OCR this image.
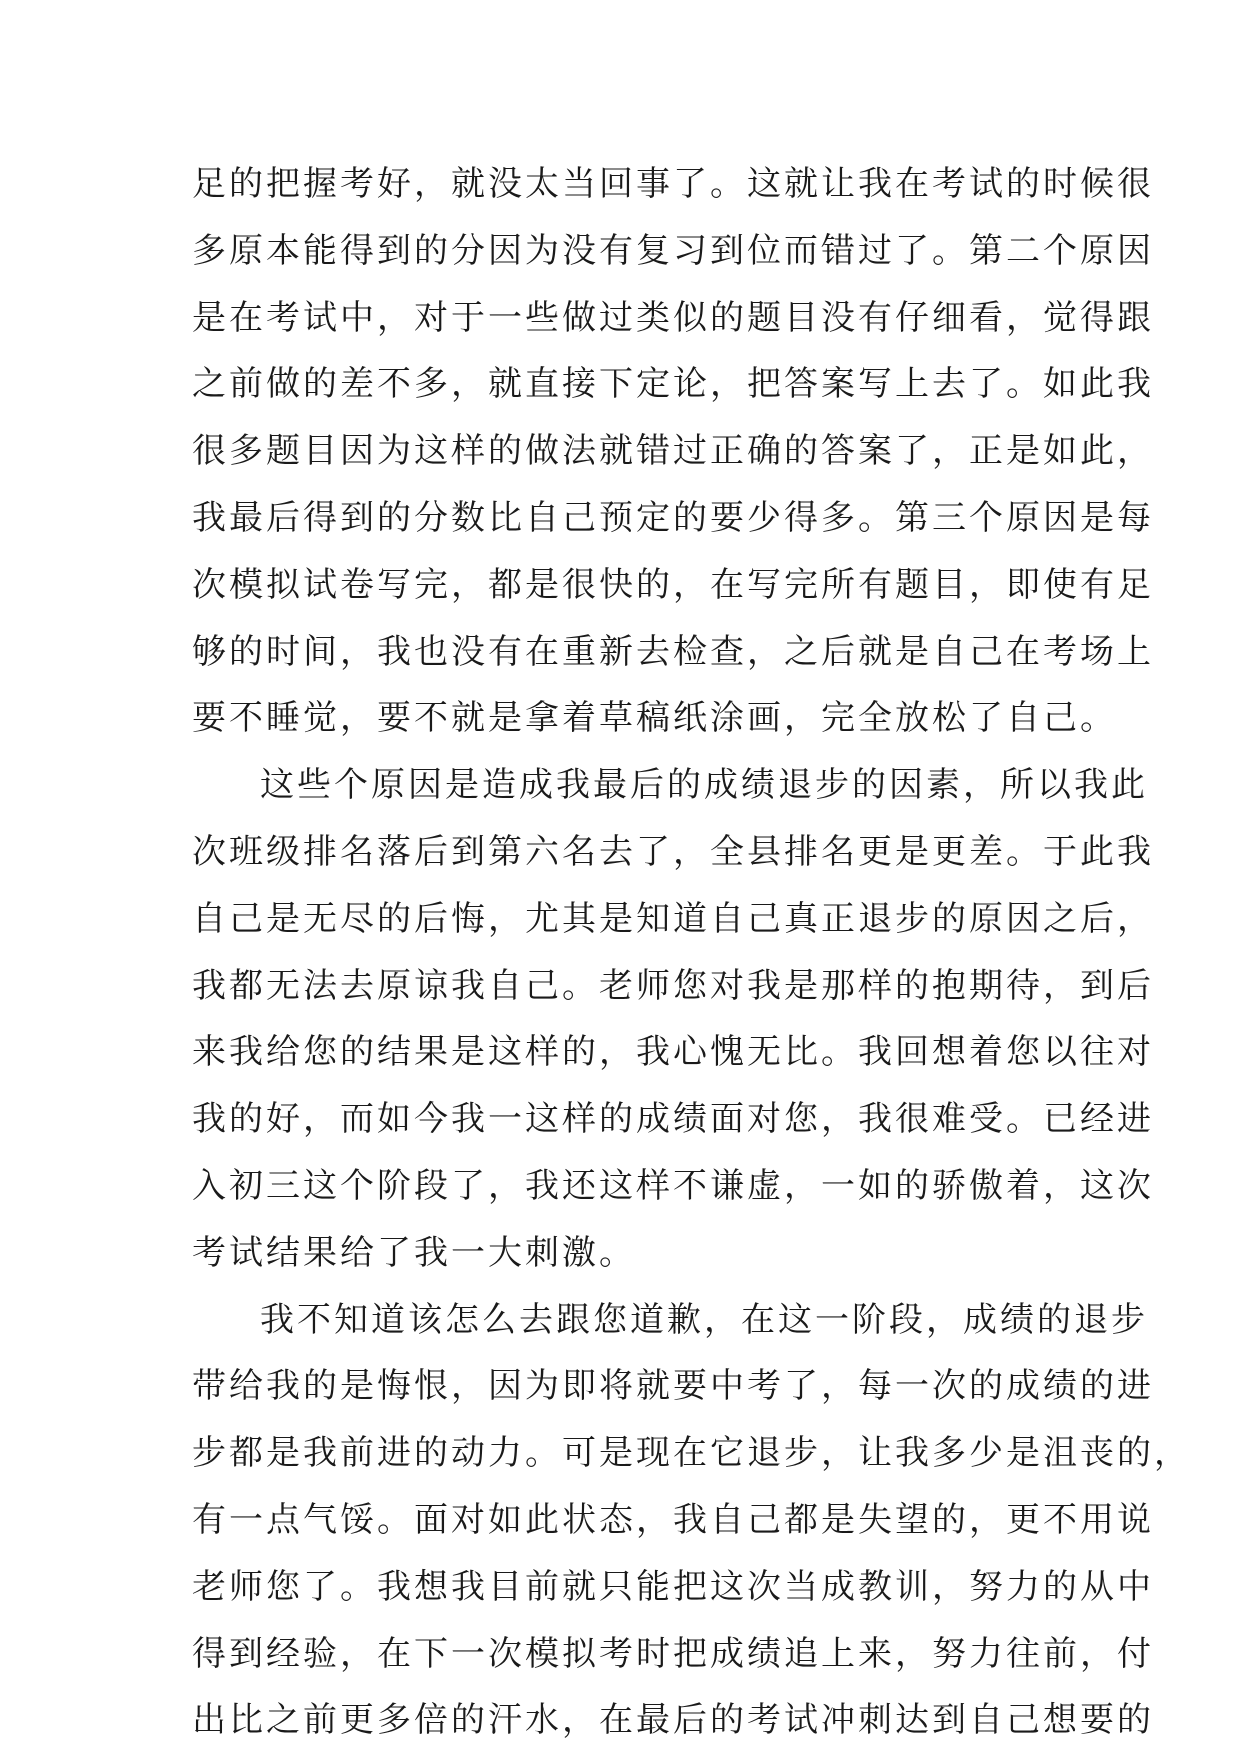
足的把握考好，就没太当回事了。这就让我在考试的时候很
多原本能得到的分因为没有复习到位而错过了。第二个原因
是在考试中，对于一些做过类似的题目没有仔细看，觉得跟
之前做的差不多，就直接下定论，把答案写上去了。如此我
很多题目因为这样的做法就错过正确的答案了，正是如此，
我最后得到的分数比自己预定的要少得多。第三个原因是每
次模拟试卷写完，都是很快的，在写完所有题目，即使有足
够的时间，我也没有在重新去检查，之后就是自己在考场上
要不睡觉，要不就是拿着草稿纸涂画，完全放松了自己。
这些个原因是造成我最后的成绩退步的因素，所以我此
次班级排名落后到第六名去了，全县排名更是更差。于此我
自己是无尽的后悔，尤其是知道自己真正退步的原因之后，
我都无法去原谅我自己。老师您对我是那样的抱期待，到后
来我给您的结果是这样的，我心愧无比。我回想着您以往对
我的好，而如今我一这样的成绩面对您，我很难受。已经进
入初三这个阶段了，我还这样不谦虚，一如的骄傲着，这次
考试结果给了我一大刺激。
我不知道该怎么去跟您道歉，在这一阶段，成绩的退步
带给我的是悔恨，因为即将就要中考了，每一次的成绩的进
步都是我前进的动力。可是现在它退步，让我多少是沮丧的，
有一点气馁。面对如此状态，我自己都是失望的，更不用说
老师您了。我想我目前就只能把这次当成教训，努力的从中
得到经验，在下一次模拟考时把成绩追上来，努力往前，付
出比之前更多倍的汗水，在最后的考试冲刺达到自己想要的
